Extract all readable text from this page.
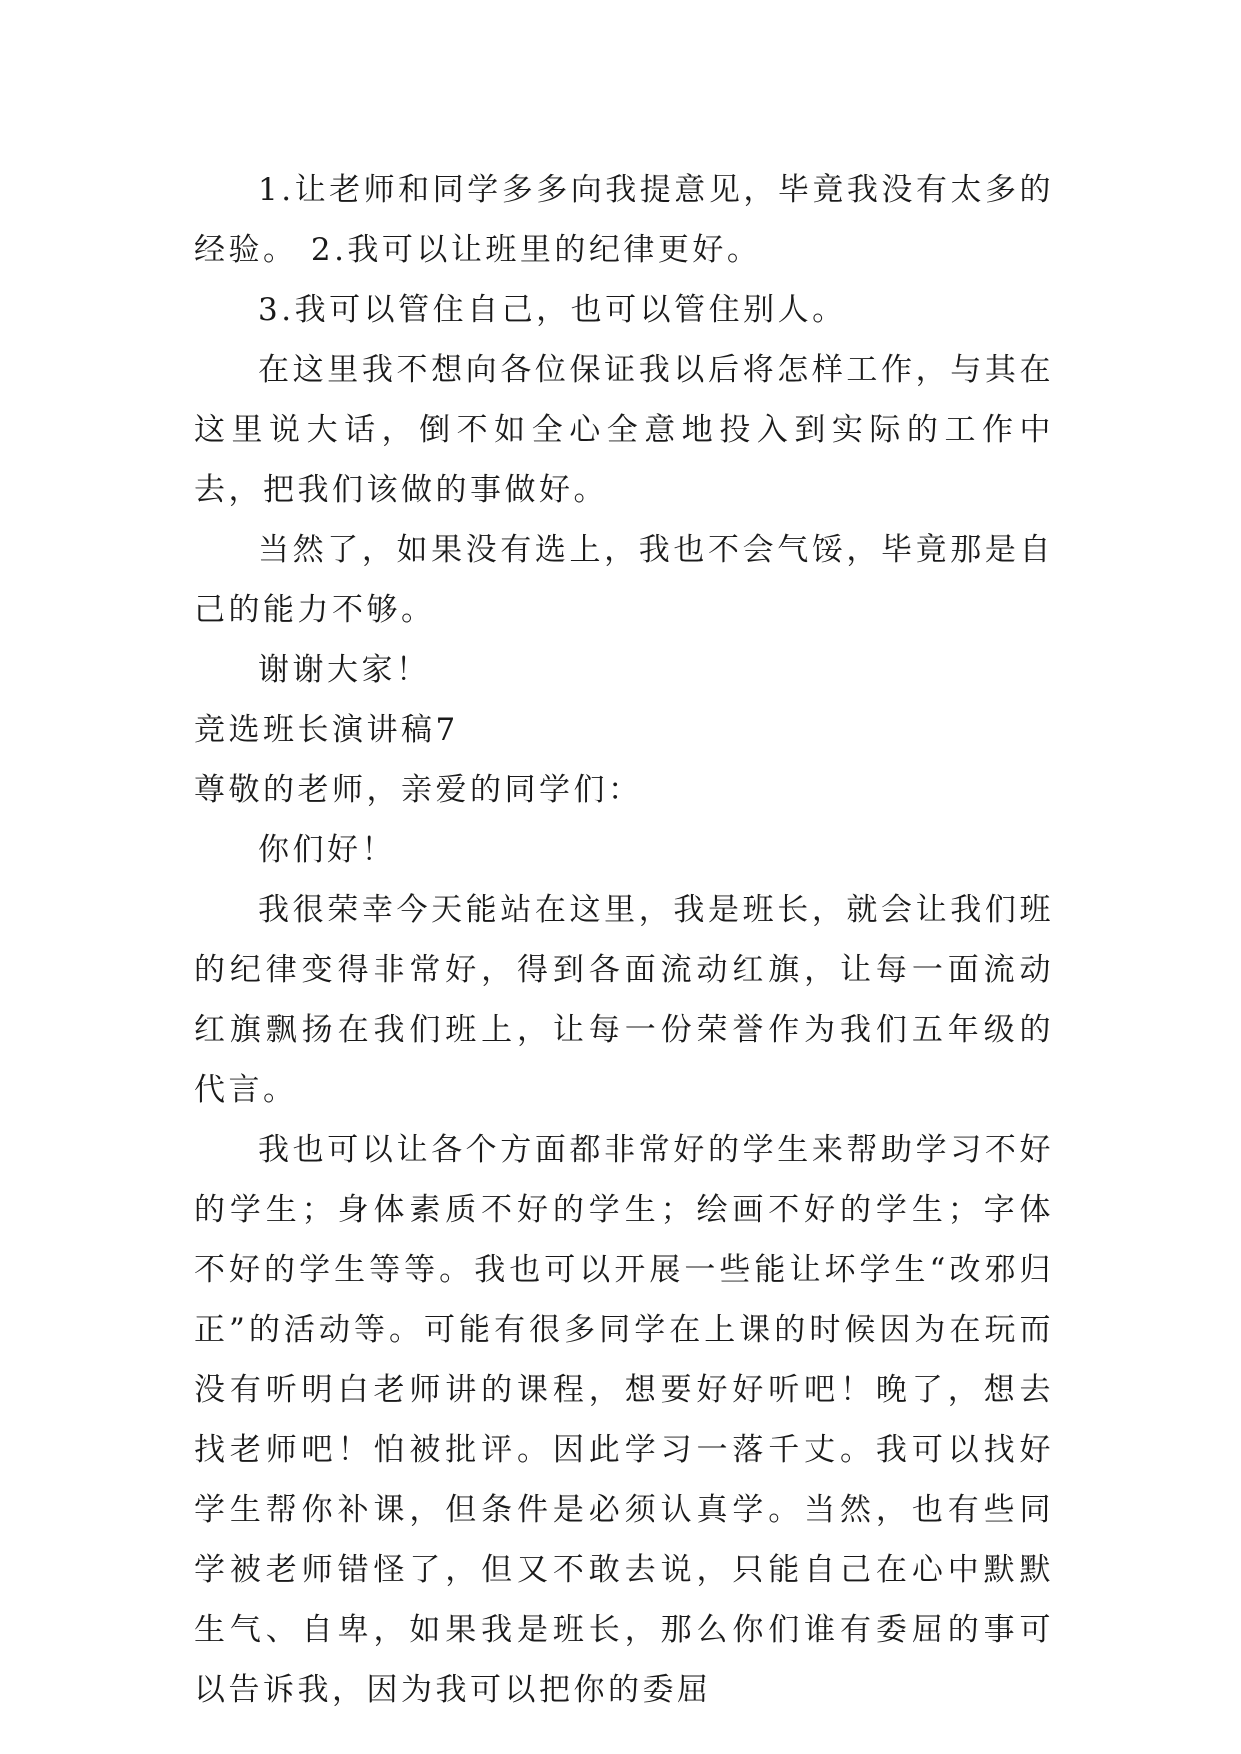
1.让老师和同学多多向我提意见，毕竟我没有太多的经验。 2.我可以让班里的纪律更好。

3.我可以管住自己，也可以管住别人。

在这里我不想向各位保证我以后将怎样工作，与其在这里说大话，倒不如全心全意地投入到实际的工作中去，把我们该做的事做好。

当然了，如果没有选上，我也不会气馁，毕竟那是自己的能力不够。

谢谢大家！

竞选班长演讲稿7

尊敬的老师，亲爱的同学们：

你们好！

我很荣幸今天能站在这里，我是班长，就会让我们班的纪律变得非常好，得到各面流动红旗，让每一面流动红旗飘扬在我们班上，让每一份荣誉作为我们五年级的代言。

我也可以让各个方面都非常好的学生来帮助学习不好的学生；身体素质不好的学生；绘画不好的学生；字体不好的学生等等。我也可以开展一些能让坏学生“改邪归正”的活动等。可能有很多同学在上课的时候因为在玩而没有听明白老师讲的课程，想要好好听吧！晚了，想去找老师吧！怕被批评。因此学习一落千丈。我可以找好学生帮你补课，但条件是必须认真学。当然，也有些同学被老师错怪了，但又不敢去说，只能自己在心中默默生气、自卑，如果我是班长，那么你们谁有委屈的事可以告诉我，因为我可以把你的委屈
